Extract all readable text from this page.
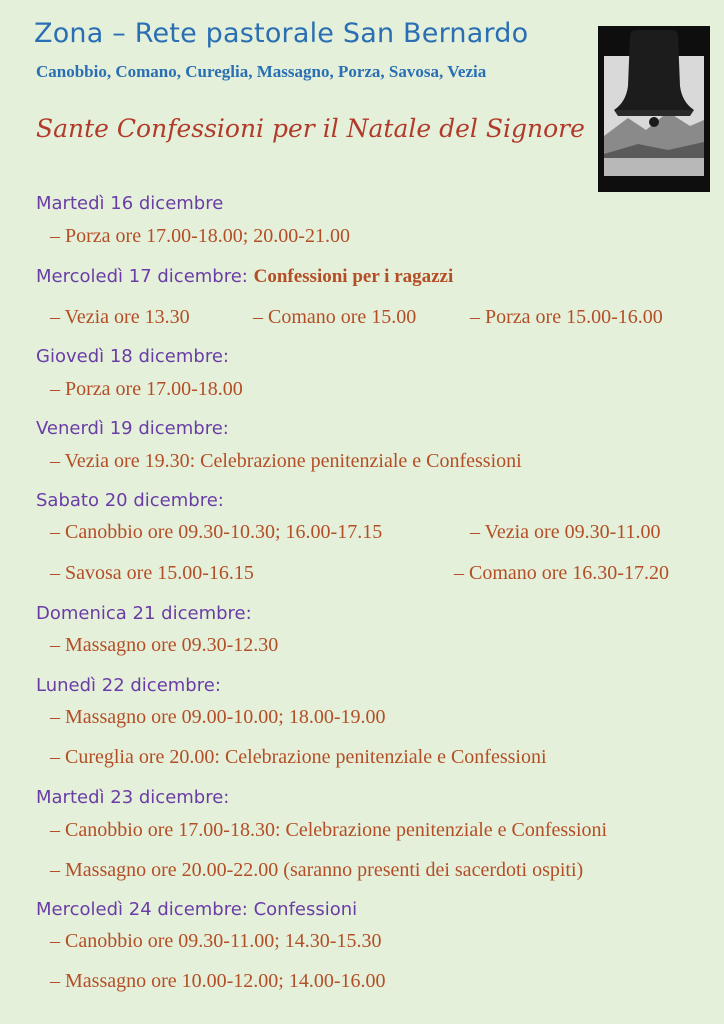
Zona – Rete pastorale San Bernardo
Canobbio, Comano, Cureglia, Massagno, Porza, Savosa, Vezia
Sante Confessioni per il Natale del Signore
Martedì 16 dicembre
– Porza ore 17.00-18.00; 20.00-21.00
Mercoledì 17 dicembre: Confessioni per i ragazzi
– Vezia ore 13.30	– Comano ore 15.00	– Porza ore 15.00-16.00
Giovedì 18 dicembre:
– Porza ore 17.00-18.00
Venerdì 19 dicembre:
– Vezia ore 19.30: Celebrazione penitenziale e Confessioni
Sabato 20 dicembre:
– Canobbio ore 09.30-10.30; 16.00-17.15	– Vezia ore 09.30-11.00
– Savosa ore 15.00-16.15	– Comano ore 16.30-17.20
Domenica 21 dicembre:
– Massagno ore 09.30-12.30
Lunedì 22 dicembre:
– Massagno ore 09.00-10.00; 18.00-19.00
– Cureglia ore 20.00: Celebrazione penitenziale e Confessioni
Martedì 23 dicembre:
– Canobbio ore 17.00-18.30: Celebrazione penitenziale e Confessioni
– Massagno ore 20.00-22.00 (saranno presenti dei sacerdoti ospiti)
Mercoledì 24 dicembre: Confessioni
– Canobbio ore 09.30-11.00; 14.30-15.30
– Massagno ore 10.00-12.00; 14.00-16.00
